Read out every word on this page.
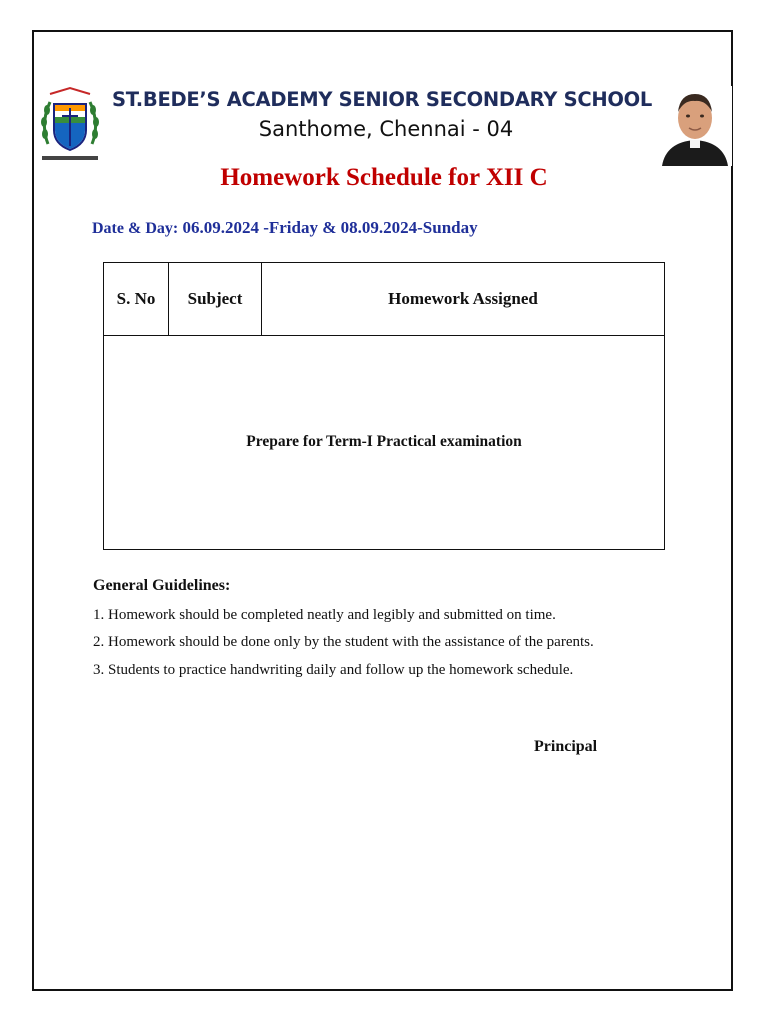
ST.BEDE’S ACADEMY SENIOR SECONDARY SCHOOL
Santhome, Chennai - 04
Homework Schedule for XII C
Date & Day: 06.09.2024 -Friday & 08.09.2024-Sunday
S. No	Subject	Homework Assigned
Prepare for Term-I Practical examination
General Guidelines:
1. Homework should be completed neatly and legibly and submitted on time.
2. Homework should be done only by the student with the assistance of the parents.
3. Students to practice handwriting daily and follow up the homework schedule.
Principal
